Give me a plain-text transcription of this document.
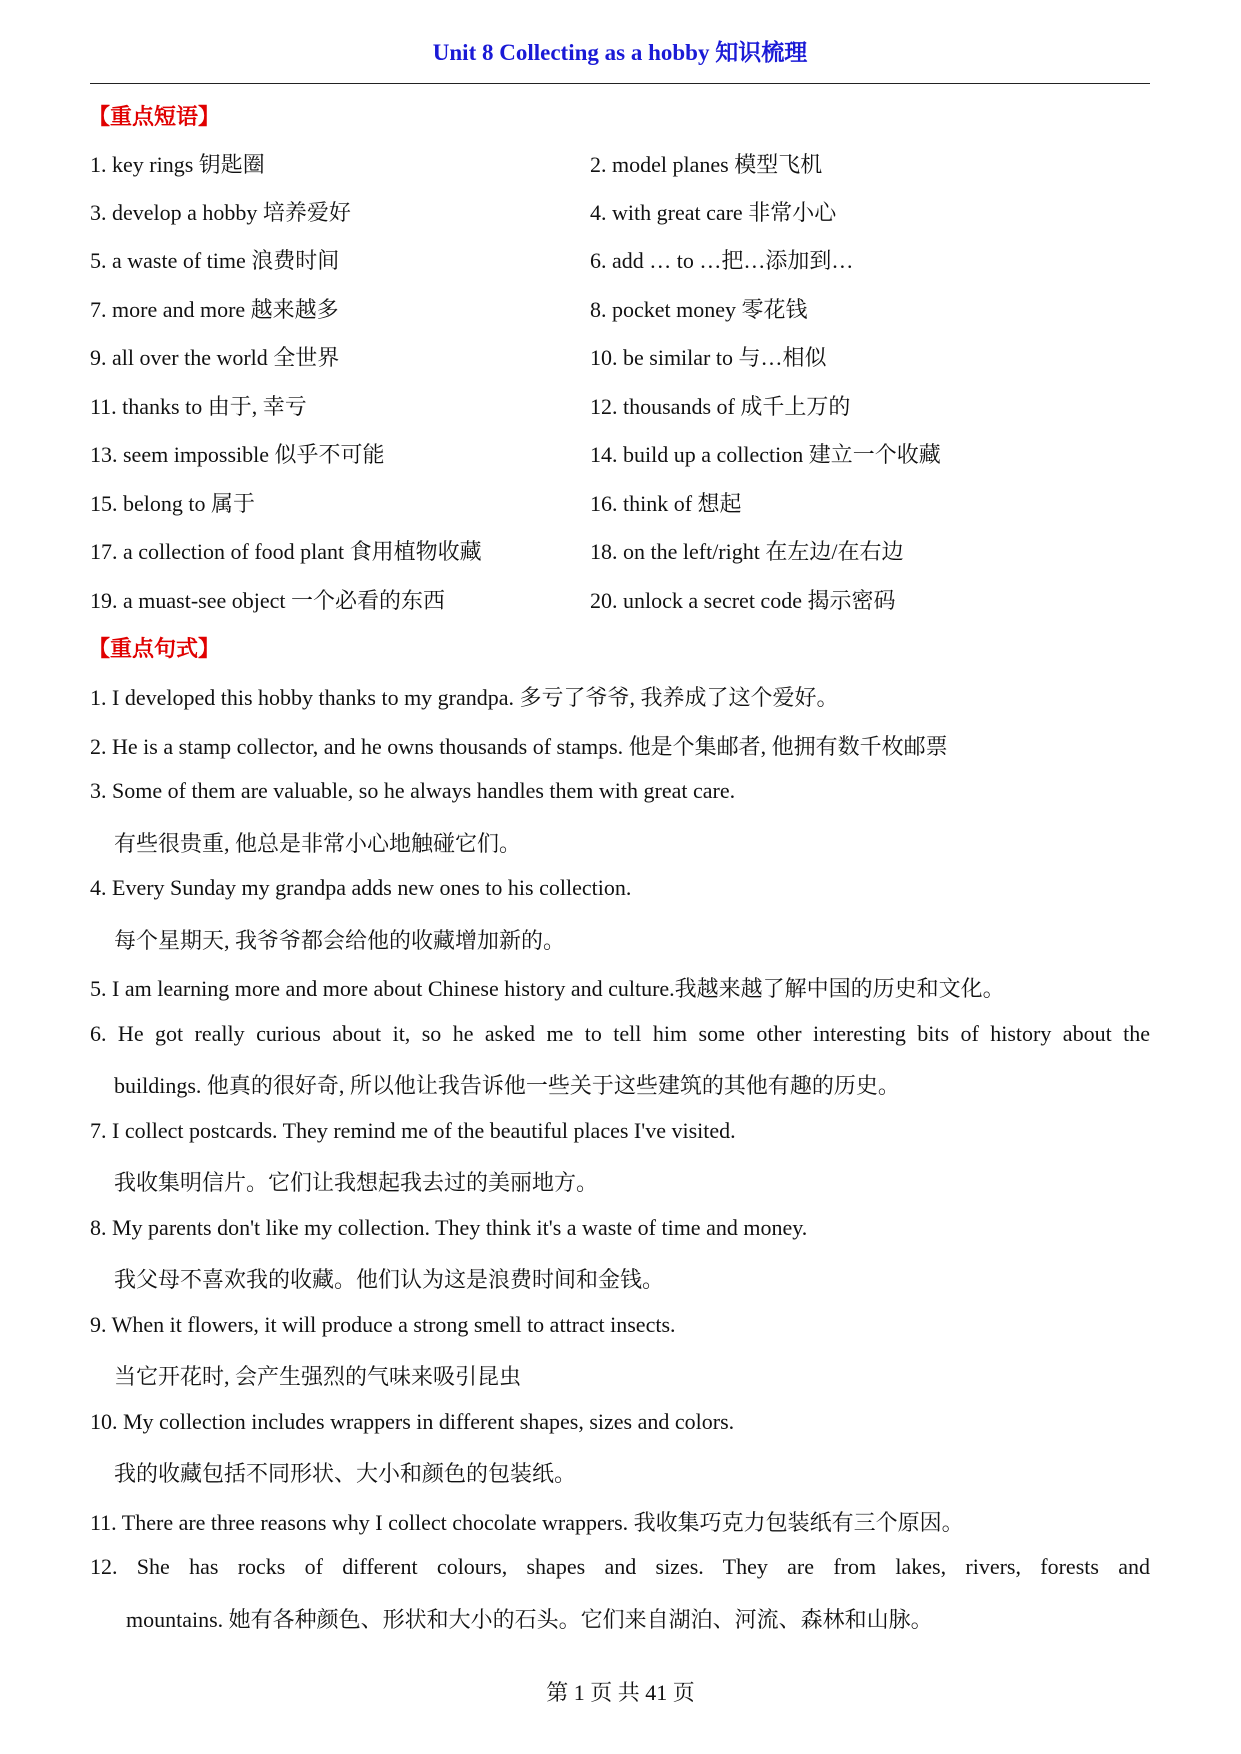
Unit 8 Collecting as a hobby 知识梳理
【重点短语】
1. key rings 钥匙圈	2. model planes 模型飞机
3. develop a hobby 培养爱好	4. with great care 非常小心
5. a waste of time 浪费时间	6. add … to …把…添加到…
7. more and more 越来越多	8. pocket money 零花钱
9. all over the world 全世界	10. be similar to 与…相似
11. thanks to 由于, 幸亏	12. thousands of 成千上万的
13. seem impossible 似乎不可能	14. build up a collection 建立一个收藏
15. belong to 属于	16. think of 想起
17. a collection of food plant 食用植物收藏	18. on the left/right 在左边/在右边
19. a muast-see object 一个必看的东西	20. unlock a secret code 揭示密码
【重点句式】
1. I developed this hobby thanks to my grandpa. 多亏了爷爷, 我养成了这个爱好。
2. He is a stamp collector, and he owns thousands of stamps. 他是个集邮者, 他拥有数千枚邮票
3. Some of them are valuable, so he always handles them with great care.
有些很贵重, 他总是非常小心地触碰它们。
4. Every Sunday my grandpa adds new ones to his collection.
每个星期天, 我爷爷都会给他的收藏增加新的。
5. I am learning more and more about Chinese history and culture.我越来越了解中国的历史和文化。
6. He got really curious about it, so he asked me to tell him some other interesting bits of history about the
buildings. 他真的很好奇, 所以他让我告诉他一些关于这些建筑的其他有趣的历史。
7. I collect postcards. They remind me of the beautiful places I've visited.
我收集明信片。它们让我想起我去过的美丽地方。
8. My parents don't like my collection. They think it's a waste of time and money.
我父母不喜欢我的收藏。他们认为这是浪费时间和金钱。
9. When it flowers, it will produce a strong smell to attract insects.
当它开花时, 会产生强烈的气味来吸引昆虫
10. My collection includes wrappers in different shapes, sizes and colors.
我的收藏包括不同形状、大小和颜色的包装纸。
11. There are three reasons why I collect chocolate wrappers. 我收集巧克力包装纸有三个原因。
12. She has rocks of different colours, shapes and sizes. They are from lakes, rivers, forests and
mountains. 她有各种颜色、形状和大小的石头。它们来自湖泊、河流、森林和山脉。
第 1 页 共 41 页
